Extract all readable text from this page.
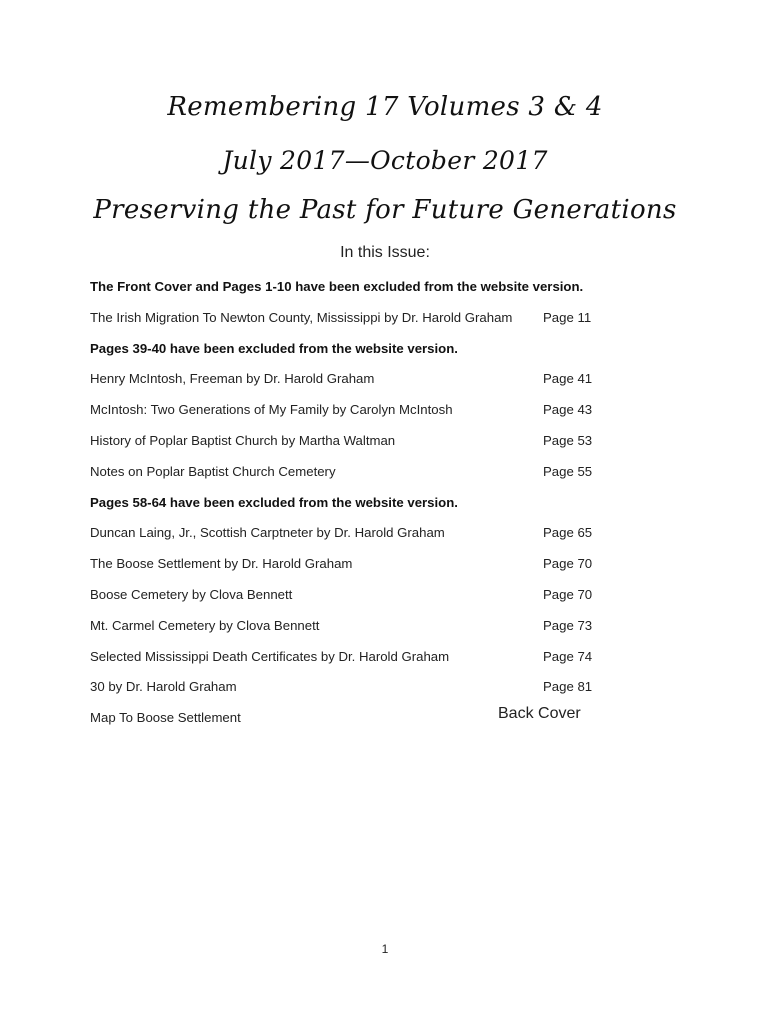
Remembering 17 Volumes 3 & 4
July 2017—October 2017
Preserving the Past for Future Generations
In this Issue:
The Front Cover and Pages 1-10 have been excluded from the website version.
The Irish Migration To Newton County, Mississippi by Dr. Harold Graham Page 11
Pages 39-40 have been excluded from the website version.
Henry McIntosh, Freeman by Dr. Harold Graham	Page 41
McIntosh: Two Generations of My Family by Carolyn McIntosh	Page 43
History of Poplar Baptist Church by Martha Waltman	Page 53
Notes on Poplar Baptist Church Cemetery	Page 55
Pages 58-64 have been excluded from the website version.
Duncan Laing, Jr., Scottish Carptneter by Dr. Harold Graham	Page 65
The Boose Settlement by Dr. Harold Graham	Page 70
Boose Cemetery by Clova Bennett	Page 70
Mt. Carmel Cemetery by Clova Bennett	Page 73
Selected Mississippi Death Certificates by Dr. Harold Graham	Page 74
30 by Dr. Harold Graham	Page 81
Map To Boose Settlement	Back Cover
1
